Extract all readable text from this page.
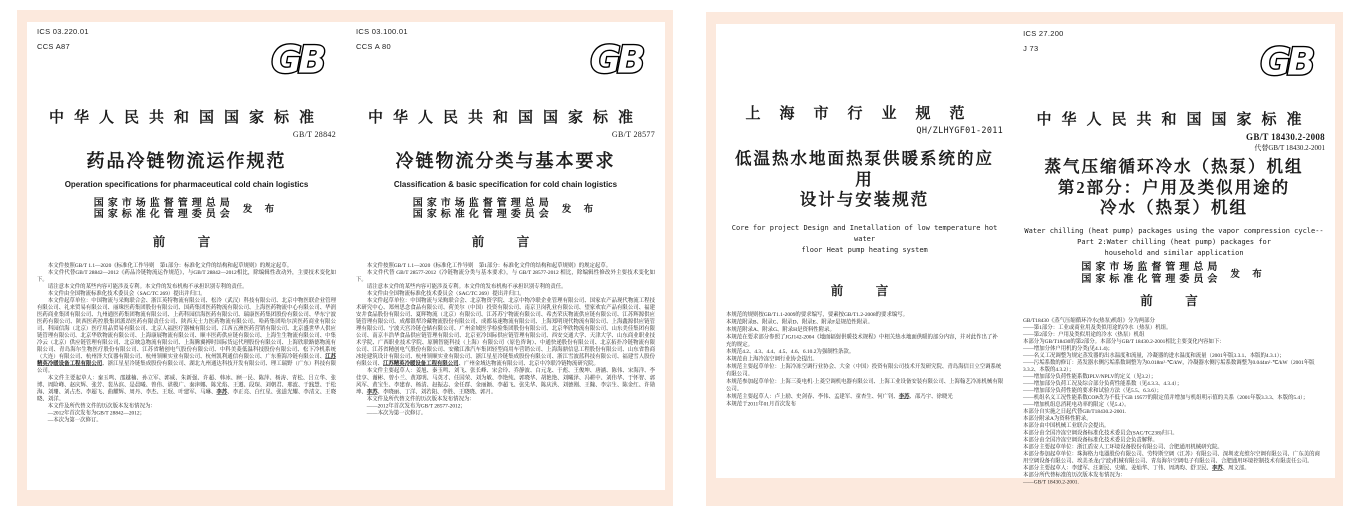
ICS 03.220.01
CCS A87	GB
中华人民共和国国家标准
GB/T 28842
药品冷链物流运作规范
Operation specifications for pharmaceutical cold chain logistics
国家市场监督管理总局
国家标准化管理委员会 发 布
前　言

本文件按照GB/T 1.1—2020《标准化工作导则　第1部分：标准化文件的结构和起草规则》的规定起草。

本文件代替GB/T 28842—2012《药品冷链物流运作规范》，与GB/T 28842—2012相比，除编辑性改动外，主要技术变化如下。

请注意本文件的某些内容可能涉及专利。本文件的发布机构不承担识别专利的责任。

本文件由全国物流标准化技术委员会（SAC/TC 269）提出并归口。

本文件起草单位：中国物流与采购联合会、浙江英特物流有限公司、松冷（武汉）科技有限公司、北京中物医联企业管理有限公司、礼来贸易有限公司、丽珠医药集团股份有限公司、国药集团医药物流有限公司、上海医药物流中心有限公司、华润医药商业集团有限公司、九州通医药集团物流有限公司、上药科园信海医药有限公司、瑞康医药集团股份有限公司、华东宁波医药有限公司、陕西医药控股集团派昂医药有限责任公司、陕西天士力医药物流有限公司、哈药集团哈尔滨医药商业有限公司、科园信海（北京）医疗用品贸易有限公司、北京人福医疗器械有限公司、江西五洲医药营销有限公司、北京盛世华人供应链管理有限公司、北京华欣物流有限公司、上海康展物流有限公司、顺丰医药供应链有限公司、上海生生物流有限公司、中集冷云（北京）供应链管理有限公司、北京映急物流有限公司、上海腾翼搏时国际货运代理股份有限公司、上海欣联路德物流有限公司、青岛海尔生物医疗股份有限公司、江苏省精创电气股份有限公司、中科美菱低温科技股份有限公司、松下冷机系统（大连）有限公司、杭州泽大仪器有限公司、杭州领顺实业有限公司、杭州凯利通信有限公司、广东鉴海冷链有限公司、江苏精英冷暖设备工程有限公司、浙江星星冷链集成股份有限公司、湖北九州通达科技开发有限公司、理工瑞野（广东）科技有限公司。

本文件主要起草人：秦玉鸣、邵越楠、孙立军、郭威、朱新强、许超、韩冰、顾一民、陈萍、杨涛、青松、吕立华、张博、周险峰、赵庆辉、张芳、裴丛滨、是晨曦、曾伟、谌模广、秦津娜、陈光焰、王遵、段琛、刘朝君、邢波、于践慧、于松海、刘珊、刘占杰、李超飞、曲耀辉、周丹、李杰、王珉、叶建军、马琳、李苏、李正亮、白红星、张道光耀、李清文、王晓晓、刘洋。

本文件及所代替文件的历次版本发布情况为：

—2012年首次发布为GB/T 28842—2012；

—本次为第一次修订。

ICS 03.100.01
CCS A 80	GB
中华人民共和国国家标准
GB/T 28577
冷链物流分类与基本要求
Classification & basic specification for cold chain logistics
国家市场监督管理总局
国家标准化管理委员会 发 布
前　言

本文件按照GB/T 1.1—2020《标准化工作导则　第1部分：标准化文件的结构和起草规则》的规定起草。

本文件代替 GB/T 28577-2012《冷链物流分类与基本要求》，与 GB/T 28577-2012 相比，除编辑性修改外主要技术变化如下。

请注意本文件的某些内容可能涉及专利。本文件的发布机构不承担识别专利的责任。

本文件由全国物流标准化技术委员会（SAC/TC 269）提出并归口。

本文件起草单位：中国物流与采购联合会、北京物资学院、北京中物冷联企业管理有限公司、国家农产品现代物流工程技术研究中心、郑州思念食品有限公司、荷美尔（中国）投资有限公司、南京卫岗乳业有限公司、望家欢农产品有限公司、福建安井食品股份有限公司、夏晖物流（北京）有限公司、江苏苏宁物流有限公司、希杰荣庆物流供应链有限公司、江苏辉源供应链管理有限公司、成都银犁冷藏物流股份有限公司、成都易速物流有限公司、上海郑明现代物流有限公司、上海鑫源供应链管理有限公司、宁波天宫冷链仓储有限公司、广州金域医学检验集团股份有限公司、北京华欣物流有限公司、山东美佳集团有限公司、南京丰浩华食品供应链管理有限公司、北京亚冷国际供应链管理有限公司、西安交通大学、天津大学、山东商业职业技术学院、广西职业技术学院、原腾智能科技（上海）有限公司（原色咨询）、中通快递股份有限公司、北京拓扑冷链物流有限公司、江苏省精创电气股份有限公司、安徽江淮汽车集团轻型商用车营销公司、上海海鼎信息工程股份有限公司、山东省鲁商冰轮建筑设计有限公司、杭州领顺实业有限公司、浙江星星冷链集成股份有限公司、浙江雪波蓝科技有限公司、福建雪人股份有限公司、江苏精英冷暖设备工程有限公司、广州金域达物流有限公司、北京中冷联冷链物流研究院。

本文件主要起草人：姜旭、秦玉鸣、刘飞、张长峰、宋会玲、乔静波、白元龙、于彪、王俊坤、唐涵、陈伟、宋海洋、李佳享、谢彬、曾小兰、黄郑明、马英才、任国荣、刘为敏、李艳纯、郭晓华、胡艳艳、刘曦泽、冯耕中、刘伟华、于怀智、郭风军、黄宝生、李建春、杨清、赵振志、金任群、金丽颖、李超飞、张先华、陈庆洪、刘德刚、王隗、李宗生、陈金红、许勋坤、李苏、李晓丽、丁洋、刘若阳、李胜、王晓晓、郭月。

本文件及所代替文件的历次版本发布情况为：

——2012年首次发布为GB/T 28577-2012；

——本次为第一次修订。

上海市行业规范
QH/ZLHYGF01-2011
低温热水地面热泵供暖系统的应用
设计与安装规范
Core for project Design and Inetallation of low temperature hot water
floor Heat pump heating system
前　言

本规范的规则按GB/T1.1-2009的要求编写，要素按GB/T1.2-2008的要求编写。

本规范附录B、附录C、附录D、附录E、附录F是规范性附录。

本规范附录A、附录G、附录H是资料性附录。

本规范在要求部分参照了JGJ142-2004《地面辐射供暖技术规程》中相关热水地面供暖的部分内容，并对此作出了补充的规定。

本规范4.2、4.3、4.4、4.5、4.6、6.10.2为强制性条款。

本规范由上海冷冻空调行业协会提出。

本规范主要起草单位：上海冷冻空调行业协会、大金（中国）投资有限公司技术开发研究院、青岛海信日立空调系统有限公司。

本规范参加起草单位：上海三菱电机·上菱空调机电器有限公司、上海工业设备安装有限公司、上海翰艺冷冻机械有限公司。

本规范主要起草人：卢上励、史剑春、李伟、孟建军、童杏生、何广钊、李苏、邵乃宇、徐晓光

本规范于2011年01月首次发布

ICS 27.200
J 73	GB
中华人民共和国国家标准
GB/T 18430.2-2008
代替GB/T 18430.2-2001
蒸气压缩循环冷水（热泵）机组
第2部分：户用及类似用途的
冷水（热泵）机组
Water chilling (heat pump) packages using the vapor compression cycle--
Part 2:Water chilling (heat pump) packages for
household and similar application
国家市场监督管理总局
国家标准化管理委员会 发 布
前　言

GB/T18430《蒸气压缩循环冷水(热泵)机组》分为两部分

——第1部分：工业或商业用及类似用途的冷水（热泵）机组。

——第2部分：户用及类似用途的冷水（热泵）机组

本部分为GB/T18430的第2部分。本部分与GB/T 18430.2-2001相比主要变化内容如下：

——增加分体户用机的分类(见4.1.4)；

——名义工况调整为规定蒸发器的出水温度和流量，冷凝器的进水温度和流量（2001年版3.3.1、本版的4.3.1）；

——污垢系数的修订：蒸发器水侧污垢系数调整为为0.018m²·℃/kW，冷凝器水侧污垢系数调整为0.044m²·℃/kW（2001年版3.3.2、本版的4.3.2）；

——增加部分负荷性能系数IPLV/NPLV的定义（见3.2）；

——增加部分负荷工况及综合部分负荷性能系数（见4.3.3、4.3.4）；

——增加部分负荷性能的要求和试验方法（见5.5、6.3.6）；

——机组名义工况性能系数COP改为不低于GB 19577的限定值并增加与机组明示值的关系（2001年版3.3.3、本版的5.4）；

——增加机组总消耗电功率的限定（见5.4）。

本部分自实施之日起代替GB/T18430.2-2001.

本部分附录A为资料性附录。

本部分由中国机械工业联合会提出。

本部分由全国冷冻空调设备标准化技术委员会(SAC/TC238)归口。

本部分由全国冷冻空调设备标准化技术委员会负责解释。

本部分主要起草单位：浙江盾安人工环境设备股份有限公司、合肥通用机械研究院。

本部分参加起草单位：珠海格力电器股份有限公司、劳特斯空调（江苏）有限公司、深圳麦克维尔空调有限公司、广东美的商用空调设备有限公司、埃美圣龙(宁波)机械有限公司、青岛海尔空调电子有限公司、合肥通用环境控制技术有限责任公司。

本部分主要起草人：李建军、汪新民、史敏、姜灿华、丁伟、周鸿昀、舒卫民、李苏、周文部。

本部分所代替标准的历次版本发布情况为：

——GB/T 18430.2-2001.
